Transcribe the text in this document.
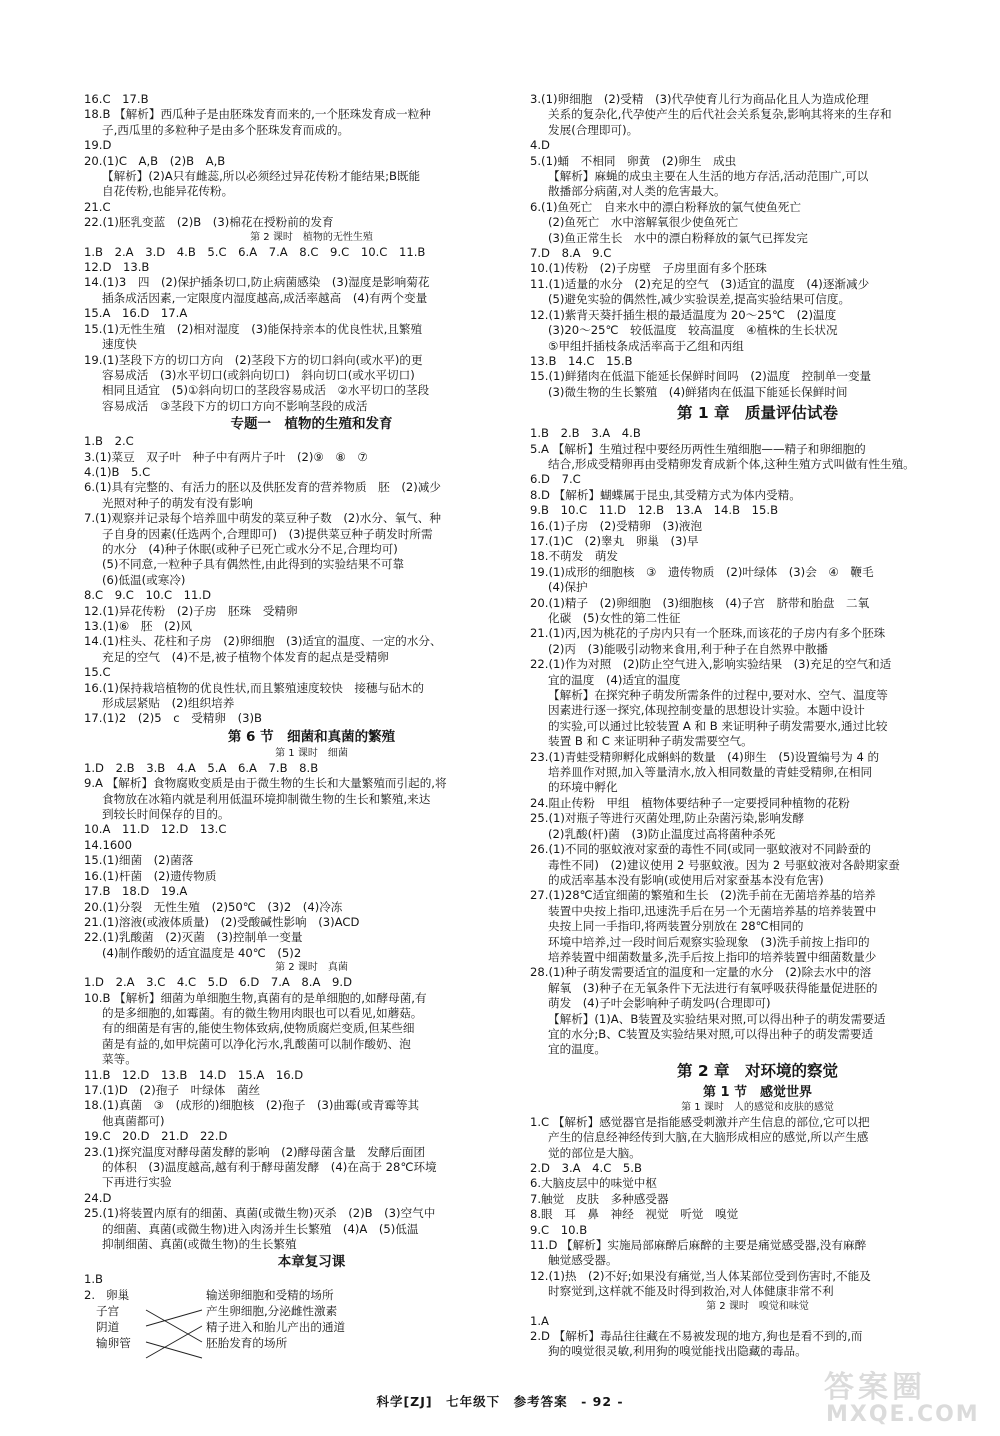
16.C　17.B
18.B 【解析】西瓜种子是由胚珠发育而来的,一个胚珠发育成一粒种
子,西瓜里的多粒种子是由多个胚珠发育而成的。
19.D
20.(1)C　A,B　(2)B　A,B
【解析】(2)A只有雌蕊,所以必须经过异花传粉才能结果;B既能
自花传粉,也能异花传粉。
21.C
22.(1)胚乳变蓝　(2)B　(3)棉花在授粉前的发育
第 2 课时　植物的无性生殖
1.B　2.A　3.D　4.B　5.C　6.A　7.A　8.C　9.C　10.C　11.B
12.D　13.B
14.(1)3　四　(2)保护插条切口,防止病菌感染　(3)湿度是影响菊花
插条成活因素,一定限度内湿度越高,成活率越高　(4)有两个变量
15.A　16.D　17.A
15.(1)无性生殖　(2)相对湿度　(3)能保持亲本的优良性状,且繁殖
速度快
19.(1)茎段下方的切口方向　(2)茎段下方的切口斜向(或水平)的更
容易成活　(3)水平切口(或斜向切口)　斜向切口(或水平切口)
相同且适宜　(5)①斜向切口的茎段容易成活　②水平切口的茎段
容易成活　③茎段下方的切口方向不影响茎段的成活
专题一　植物的生殖和发育
1.B　2.C
3.(1)菜豆　双子叶　种子中有两片子叶　(2)⑨　⑧　⑦
4.(1)B　5.C
6.(1)具有完整的、有活力的胚以及供胚发育的营养物质　胚　(2)减少
光照对种子的萌发有没有影响
7.(1)观察并记录每个培养皿中萌发的菜豆种子数　(2)水分、氧气、种
子自身的因素(任选两个,合理即可)　(3)提供菜豆种子萌发时所需
的水分　(4)种子休眠(或种子已死亡或水分不足,合理均可)
(5)不同意,一粒种子具有偶然性,由此得到的实验结果不可靠
(6)低温(或寒冷)
8.C　9.C　10.C　11.D
12.(1)异花传粉　(2)子房　胚珠　受精卵
13.(1)⑥　胚　(2)风
14.(1)柱头、花柱和子房　(2)卵细胞　(3)适宜的温度、一定的水分、
充足的空气　(4)不是,被子植物个体发育的起点是受精卵
15.C
16.(1)保持栽培植物的优良性状,而且繁殖速度较快　接穗与砧木的
形成层紧贴　(2)组织培养
17.(1)2　(2)5　c　受精卵　(3)B
第 6 节　细菌和真菌的繁殖
第 1 课时　细菌
1.D　2.B　3.B　4.A　5.A　6.A　7.B　8.B
9.A 【解析】食物腐败变质是由于微生物的生长和大量繁殖而引起的,将
食物放在冰箱内就是利用低温环境抑制微生物的生长和繁殖,来达
到较长时间保存的目的。
10.A　11.D　12.D　13.C
14.1600
15.(1)细菌　(2)菌落
16.(1)杆菌　(2)遗传物质
17.B　18.D　19.A
20.(1)分裂　无性生殖　(2)50℃　(3)2　(4)冷冻
21.(1)溶液(或液体质量)　(2)受酸碱性影响　(3)ACD
22.(1)乳酸菌　(2)灭菌　(3)控制单一变量
(4)制作酸奶的适宜温度是 40℃　(5)2
第 2 课时　真菌
1.D　2.A　3.C　4.C　5.D　6.D　7.A　8.A　9.D
10.B 【解析】细菌为单细胞生物,真菌有的是单细胞的,如酵母菌,有
的是多细胞的,如霉菌。有的微生物用肉眼也可以看见,如蘑菇。
有的细菌是有害的,能使生物体致病,使物质腐烂变质,但某些细
菌是有益的,如甲烷菌可以净化污水,乳酸菌可以制作酸奶、泡
菜等。
11.B　12.D　13.B　14.D　15.A　16.D
17.(1)D　(2)孢子　叶绿体　菌丝
18.(1)真菌　③　(成形的)细胞核　(2)孢子　(3)曲霉(或青霉等其
他真菌都可)
19.C　20.D　21.D　22.D
23.(1)探究温度对酵母菌发酵的影响　(2)酵母菌含量　发酵后面团
的体积　(3)温度越高,越有利于酵母菌发酵　(4)在高于 28℃环境
下再进行实验
24.D
25.(1)将装置内原有的细菌、真菌(或微生物)灭杀　(2)B　(3)空气中
的细菌、真菌(或微生物)进入肉汤并生长繁殖　(4)A　(5)低温
抑制细菌、真菌(或微生物)的生长繁殖
本章复习课
1.B
2. 卵巢
子宫
阴道
输卵管
输送卵细胞和受精的场所
产生卵细胞,分泌雌性激素
精子进入和胎儿产出的通道
胚胎发育的场所
3.(1)卵细胞　(2)受精　(3)代孕使育儿行为商品化且人为造成伦理
关系的复杂化,代孕使产生的后代社会关系复杂,影响其将来的生存和
发展(合理即可)。
4.D
5.(1)蛹　不相同　卵黄　(2)卵生　成虫
【解析】麻蝇的成虫主要在人生活的地方存活,活动范围广,可以
散播部分病菌,对人类的危害最大。
6.(1)鱼死亡　自来水中的漂白粉释放的氯气使鱼死亡
(2)鱼死亡　水中溶解氧很少使鱼死亡
(3)鱼正常生长　水中的漂白粉释放的氯气已挥发完
7.D　8.A　9.C
10.(1)传粉　(2)子房壁　子房里面有多个胚珠
11.(1)适量的水分　(2)充足的空气　(3)适宜的温度　(4)逐渐减少
(5)避免实验的偶然性,减少实验误差,提高实验结果可信度。
12.(1)紫背天葵扦插生根的最适温度为 20～25℃　(2)温度
(3)20～25℃　较低温度　较高温度　④植株的生长状况
⑤甲组扦插枝条成活率高于乙组和丙组
13.B　14.C　15.B
15.(1)鲜猪肉在低温下能延长保鲜时间吗　(2)温度　控制单一变量
(3)微生物的生长繁殖　(4)鲜猪肉在低温下能延长保鲜时间
第 1 章　质量评估试卷
1.B　2.B　3.A　4.B
5.A 【解析】生殖过程中要经历两性生殖细胞——精子和卵细胞的
结合,形成受精卵再由受精卵发育成新个体,这种生殖方式叫做有性生殖。
6.D　7.C
8.D 【解析】蝴蝶属于昆虫,其受精方式为体内受精。
9.B　10.C　11.D　12.B　13.A　14.B　15.B
16.(1)子房　(2)受精卵　(3)液泡
17.(1)C　(2)睾丸　卵巢　(3)早
18.不萌发　萌发
19.(1)成形的细胞核　③　遗传物质　(2)叶绿体　(3)会　④　鞭毛
(4)保护
20.(1)精子　(2)卵细胞　(3)细胞核　(4)子宫　脐带和胎盘　二氧
化碳　(5)女性的第二性征
21.(1)丙,因为桃花的子房内只有一个胚珠,而该花的子房内有多个胚珠
(2)丙　(3)能吸引动物来食用,利于种子在自然界中散播
22.(1)作为对照　(2)防止空气进入,影响实验结果　(3)充足的空气和适
宜的温度　(4)适宜的温度
【解析】在探究种子萌发所需条件的过程中,要对水、空气、温度等
因素进行逐一探究,体现控制变量的思想设计实验。本题中设计
的实验,可以通过比较装置 A 和 B 来证明种子萌发需要水,通过比较
装置 B 和 C 来证明种子萌发需要空气。
23.(1)青蛙受精卵孵化成蝌蚪的数量　(4)卵生　(5)设置编号为 4 的
培养皿作对照,加入等量清水,放入相同数量的青蛙受精卵,在相同
的环境中孵化
24.阻止传粉　甲组　植物体要结种子一定要授同种植物的花粉
25.(1)对瓶子等进行灭菌处理,防止杂菌污染,影响发酵
(2)乳酸(杆)菌　(3)防止温度过高将菌种杀死
26.(1)不同的驱蚊液对家蚕的毒性不同(或同一驱蚊液对不同龄蚕的
毒性不同)　(2)建议使用 2 号驱蚊液。因为 2 号驱蚊液对各龄期家蚕
的成活率基本没有影响(或使用后对家蚕基本没有危害)
27.(1)28℃适宜细菌的繁殖和生长　(2)洗手前在无菌培养基的培养
装置中央按上指印,迅速洗手后在另一个无菌培养基的培养装置中
央按上同一手指印,将两装置分别放在 28℃相同的
环境中培养,过一段时间后观察实验现象　(3)洗手前按上指印的
培养装置中细菌数量多,洗手后按上指印的培养装置中细菌数量少
28.(1)种子萌发需要适宜的温度和一定量的水分　(2)除去水中的溶
解氧　(3)种子在无氧条件下无法进行有氧呼吸获得能量促进胚的
萌发　(4)子叶会影响种子萌发吗(合理即可)
【解析】(1)A、B装置及实验结果对照,可以得出种子的萌发需要适
宜的水分;B、C装置及实验结果对照,可以得出种子的萌发需要适
宜的温度。
第 2 章　对环境的察觉
第 1 节　感觉世界
第 1 课时　人的感觉和皮肤的感觉
1.C 【解析】感觉器官是指能感受刺激并产生信息的部位,它可以把
产生的信息经神经传到大脑,在大脑形成相应的感觉,所以产生感
觉的部位是大脑。
2.D　3.A　4.C　5.B
6.大脑皮层中的味觉中枢
7.触觉　皮肤　多种感受器
8.眼　耳　鼻　神经　视觉　听觉　嗅觉
9.C　10.B
11.D 【解析】实施局部麻醉后麻醉的主要是痛觉感受器,没有麻醉
触觉感受器。
12.(1)热　(2)不好;如果没有痛觉,当人体某部位受到伤害时,不能及
时察觉到,这样就不能及时得到救治,对人体健康非常不利
第 2 课时　嗅觉和味觉
1.A
2.D 【解析】毒品往往藏在不易被发现的地方,狗也是看不到的,而
狗的嗅觉很灵敏,利用狗的嗅觉能找出隐藏的毒品。
科学[ZJ]　七年级下　参考答案　- 92 -	答案圈
MXQE.COM
